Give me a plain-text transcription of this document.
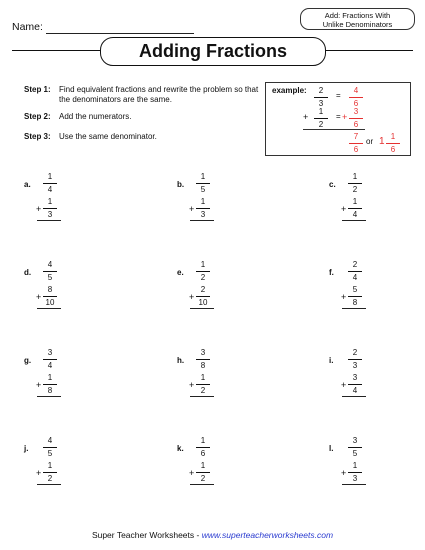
Name:
Add: Fractions With
Unlike Denominators
Adding Fractions
Step 1: Find equivalent fractions and rewrite the problem so that the denominators are the same.
Step 2: Add the numerators.
Step 3: Use the same denominator.
example: $\frac{2}{3} = \frac{4}{6}$
+ $\frac{1}{2}$ = + $\frac{3}{6}$
$\frac{7}{6}$ or $1 \frac{1}{6}$
a. $\frac{1}{4}$
+ $\frac{1}{3}$
b. $\frac{1}{5}$
+ $\frac{1}{3}$
c. $\frac{1}{2}$
+ $\frac{1}{4}$
d. $\frac{4}{5}$
+ $\frac{8}{10}$
e. $\frac{1}{2}$
+ $\frac{2}{10}$
f. $\frac{2}{4}$
+ $\frac{5}{8}$
g. $\frac{3}{4}$
+ $\frac{1}{8}$
h. $\frac{3}{8}$
+ $\frac{1}{2}$
i. $\frac{2}{3}$
+ $\frac{3}{4}$
j. $\frac{4}{5}$
+ $\frac{1}{2}$
k. $\frac{1}{6}$
+ $\frac{1}{2}$
l. $\frac{3}{5}$
+ $\frac{1}{3}$
Super Teacher Worksheets - www.superteacherworksheets.com
